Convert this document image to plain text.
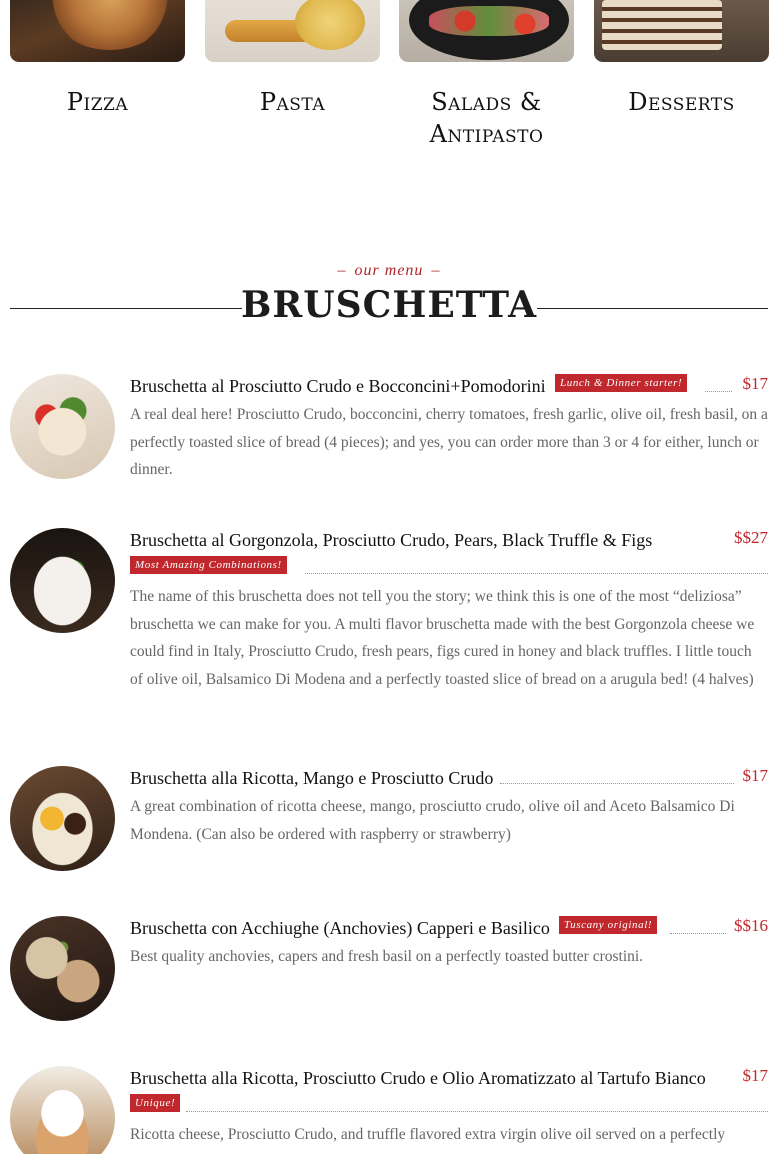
Pizza	Pasta	Salads & Antipasto
Desserts
– our menu –
BRUSCHETTA
Bruschetta al Prosciutto Crudo e Bocconcini+Pomodorini	Lunch & Dinner starter!	$17
A real deal here! Prosciutto Crudo, bocconcini, cherry tomatoes, fresh garlic, olive oil, fresh basil, on a perfectly toasted slice of bread (4 pieces); and yes, you can order more than 3 or 4 for either, lunch or dinner.
Bruschetta al Gorgonzola, Prosciutto Crudo, Pears, Black Truffle & Figs	$$27
Most Amazing Combinations!
The name of this bruschetta does not tell you the story; we think this is one of the most “deliziosa” bruschetta we can make for you. A multi flavor bruschetta made with the best Gorgonzola cheese we could find in Italy, Prosciutto Crudo, fresh pears, figs cured in honey and black truffles. I little touch of olive oil, Balsamico Di Modena and a perfectly toasted slice of bread on a arugula bed! (4 halves)
Bruschetta alla Ricotta, Mango e Prosciutto Crudo	$17
A great combination of ricotta cheese, mango, prosciutto crudo, olive oil and Aceto Balsamico Di Mondena. (Can also be ordered with raspberry or strawberry)
Bruschetta con Acchiughe (Anchovies) Capperi e Basilico	Tuscany original!	$$16
Best quality anchovies, capers and fresh basil on a perfectly toasted butter crostini.
Bruschetta alla Ricotta, Prosciutto Crudo e Olio Aromatizzato al Tartufo Bianco $17
Unique!
Ricotta cheese, Prosciutto Crudo, and truffle flavored extra virgin olive oil served on a perfectly
